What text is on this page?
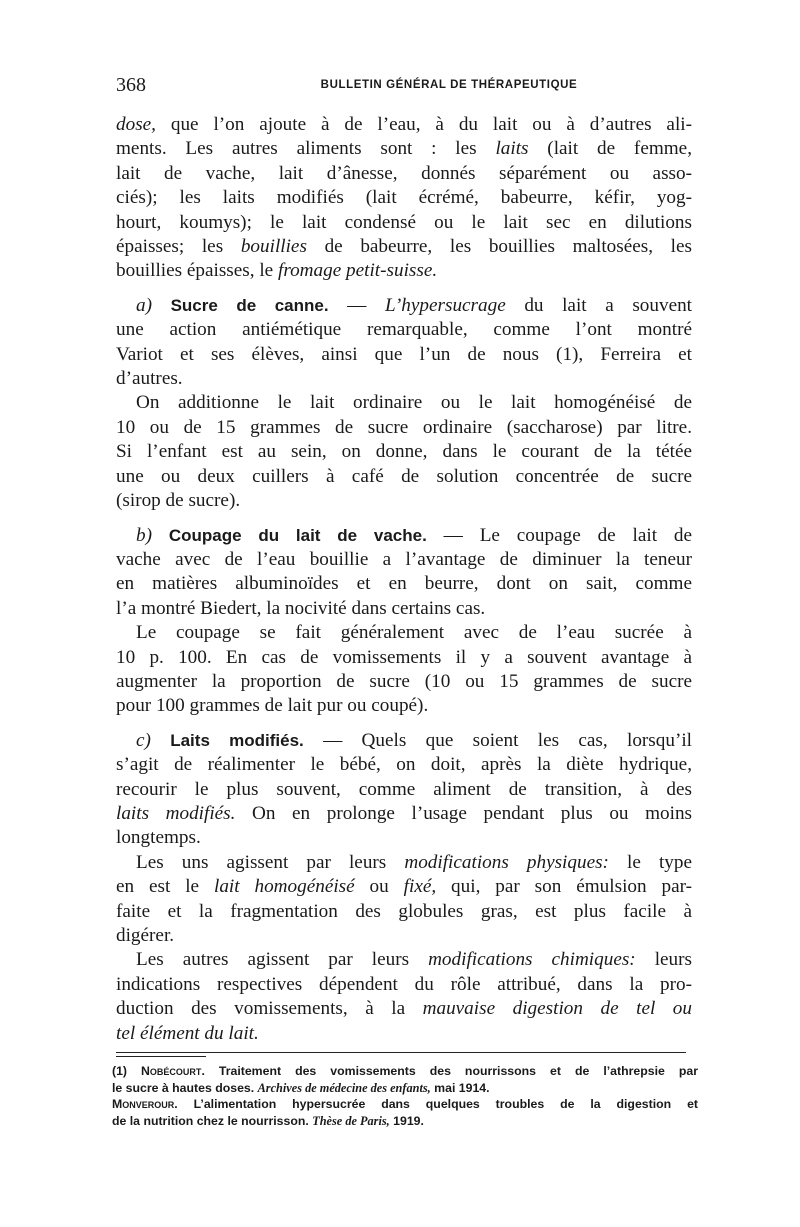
368	BULLETIN GÉNÉRAL DE THÉRAPEUTIQUE

dose, que l’on ajoute à de l’eau, à du lait ou à d’autres ali-
ments. Les autres aliments sont : les laits (lait de femme,
lait de vache, lait d’ânesse, donnés séparément ou asso-
ciés); les laits modifiés (lait écrémé, babeurre, kéfir, yog-
hourt, koumys); le lait condensé ou le lait sec en dilutions
épaisses; les bouillies de babeurre, les bouillies maltosées, les
bouillies épaisses, le fromage petit-suisse.

a) Sucre de canne. — L’hypersucrage du lait a souvent
une action antiémétique remarquable, comme l’ont montré
Variot et ses élèves, ainsi que l’un de nous (1), Ferreira et
d’autres.
On additionne le lait ordinaire ou le lait homogénéisé de
10 ou de 15 grammes de sucre ordinaire (saccharose) par litre.
Si l’enfant est au sein, on donne, dans le courant de la tétée
une ou deux cuillers à café de solution concentrée de sucre
(sirop de sucre).

b) Coupage du lait de vache. — Le coupage de lait de
vache avec de l’eau bouillie a l’avantage de diminuer la teneur
en matières albuminoïdes et en beurre, dont on sait, comme
l’a montré Biedert, la nocivité dans certains cas.
Le coupage se fait généralement avec de l’eau sucrée à
10 p. 100. En cas de vomissements il y a souvent avantage à
augmenter la proportion de sucre (10 ou 15 grammes de sucre
pour 100 grammes de lait pur ou coupé).

c) Laits modifiés. — Quels que soient les cas, lorsqu’il
s’agit de réalimenter le bébé, on doit, après la diète hydrique,
recourir le plus souvent, comme aliment de transition, à des
laits modifiés. On en prolonge l’usage pendant plus ou moins
longtemps.
Les uns agissent par leurs modifications physiques: le type
en est le lait homogénéisé ou fixé, qui, par son émulsion par-
faite et la fragmentation des globules gras, est plus facile à
digérer.
Les autres agissent par leurs modifications chimiques: leurs
indications respectives dépendent du rôle attribué, dans la pro-
duction des vomissements, à la mauvaise digestion de tel ou
tel élément du lait.

(1) Nobécourt. Traitement des vomissements des nourrissons et de l’athrepsie par
le sucre à hautes doses. Archives de médecine des enfants, mai 1914.
Monverour. L’alimentation hypersucrée dans quelques troubles de la digestion et
de la nutrition chez le nourrisson. Thèse de Paris, 1919.
